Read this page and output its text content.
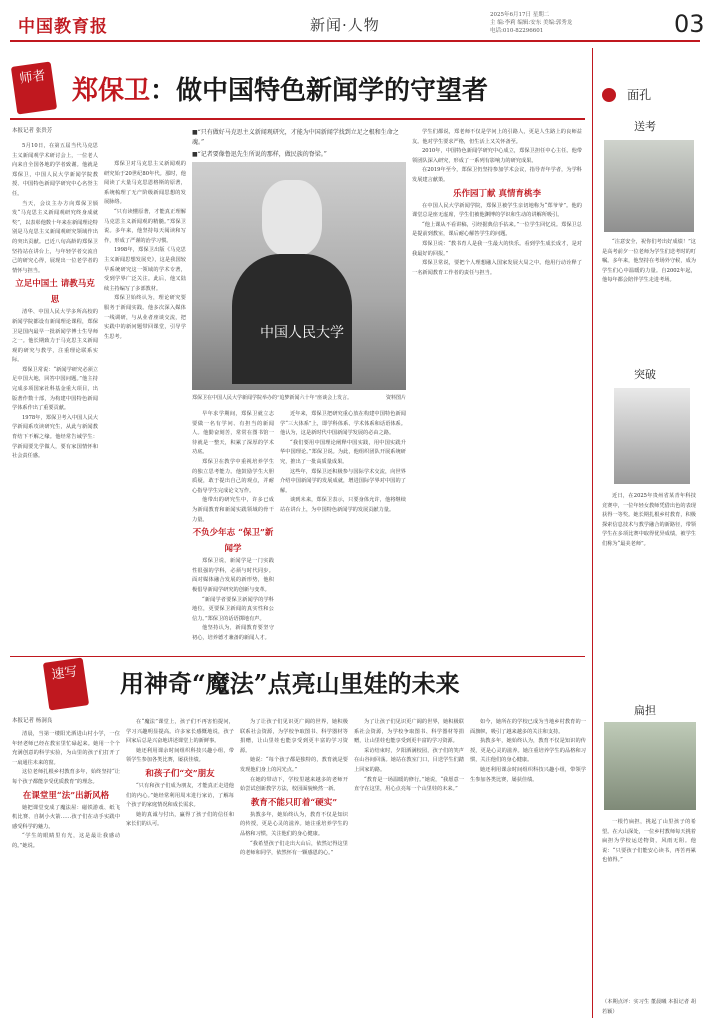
中国教育报	新闻·人物
2025年6月17日 星期二
主 编:李莉 编辑:安东 美编:郭秀龙
电话:010-82296601	03
师者 郑保卫：做中国特色新闻学的守望者
本报记者 张贵芳

5月10日，在第五届当代马克思主义新闻观学术研讨会上，一位老人向来自全国各地的学者致谢。他就是郑保卫，中国人民大学新闻学院教授、中国特色新闻学研究中心名誉主任。

当天，会议主办方向郑保卫颁发“马克思主义新闻观研究终身成就奖”，以表彰他数十年来在新闻理论特别是马克思主义新闻观研究领域作出的突出贡献。已近八旬高龄的郑保卫坚持站在讲台上，与年轻学者交流自己的研究心得，展现出一位老学者的情怀与担当。

立足中国土 请教马克思

清华、中国人民大学多所高校的新闻学院都设有新闻理论课程，郑保卫是国内最早一批新闻学博士生导师之一。他长期致力于马克思主义新闻观的研究与教学，注重理论联系实际。

郑保卫常说：“新闻学研究必须立足中国大地，回答中国问题。”他主持完成多项国家社科基金重大项目，出版著作数十部，为构建中国特色新闻学体系作出了重要贡献。

1978年，郑保卫考入中国人民大学新闻系攻读研究生，从此与新闻教育结下不解之缘。他经常告诫学生：学新闻要先学做人，要有家国情怀和社会责任感。

郑保卫对马克思主义新闻观的研究始于20世纪80年代。那时，他阅读了大量马克思恩格斯的原著，系统梳理了无产阶级新闻思想的发展脉络。

“只有读懂原著，才能真正理解马克思主义新闻观的精髓。”郑保卫说。多年来，他坚持每天阅读和写作，形成了严谨的治学习惯。

1998年，郑保卫出版《马克思主义新闻思想发展史》，这是我国较早系统研究这一领域的学术专著，受到学界广泛关注。此后，他又陆续主持编写了多部教材。

郑保卫始终认为，理论研究要服务于新闻实践。他多次深入媒体一线调研，与从业者座谈交流，把实践中的新问题带回课堂，引导学生思考。

■“只有做好马克思主义新闻观研究，才能为中国新闻学找到立足之根和生命之魂。”
■“记者要像鲁迅先生所说的那样，做民族的脊梁。”
中国人民大学
郑保卫在中国人民大学新闻学院举办的“追梦新闻六十年”座谈会上发言。	资料图片

早年求学期间，郑保卫就立志要做一名有学问、有担当的新闻人。他勤奋刻苦，常常在图书馆一待就是一整天，积累了深厚的学术功底。

郑保卫在教学中重视培养学生的独立思考能力。他鼓励学生大胆质疑，敢于提出自己的观点，并耐心指导学生完成论文写作。

他带出的研究生中，许多已成为新闻教育和新闻实践领域的骨干力量。

不负少年志 “保卫”新闻学

郑保卫说，新闻学是一门实践性很强的学科，必须与时代同步。面对媒体融合发展的新形势，他积极倡导新闻学研究的创新与变革。

“新闻学者要保卫新闻学的学科地位，更要保卫新闻的真实性和公信力。”郑保卫的话语掷地有声。

他坚持认为，新闻教育要坚守初心，培养德才兼备的新闻人才。

近年来，郑保卫把研究重心放在构建中国特色新闻学“三大体系”上，即学科体系、学术体系和话语体系。他认为，这是新时代中国新闻学发展的必由之路。

“我们要用中国理论阐释中国实践，用中国实践升华中国理论。”郑保卫说。为此，他组织团队开展系统研究，推出了一批高质量成果。

这些年，郑保卫还积极参与国际学术交流，向世界介绍中国新闻学的发展成就，增进国际学界对中国的了解。

谈到未来，郑保卫表示，只要身体允许，他将继续站在讲台上，为中国特色新闻学的发展贡献力量。

学生们都说，郑老师不仅是学问上的引路人，更是人生路上的良师益友。他对学生要求严格，但生活上又关怀备至。

2010年，中国特色新闻学研究中心成立，郑保卫担任中心主任。他带领团队深入研究，形成了一系列有影响力的研究成果。

在2019年至今，郑保卫仍坚持参加学术会议，指导青年学者，为学科发展建言献策。

乐作园丁献 真情育桃李

在中国人民大学新闻学院，郑保卫被学生亲切地称为“郑爷爷”。他的课堂总是座无虚席，学生们被他渊博的学识和生动的讲解所吸引。

“他上课从不看讲稿，引经据典信手拈来。”一位学生回忆说。郑保卫总是提前到教室，课后耐心解答学生的问题。

郑保卫说：“教书育人是我一生最大的快乐。看到学生成长成才，是对我最好的回报。”

郑保卫常说，要把个人理想融入国家发展大局之中。他用行动诠释了一名新闻教育工作者的责任与担当。

面孔
送考

“注意安全，祝你们考出好成绩！”这是高考前夕一位老师为学生们送考时的叮嘱。多年来，他坚持在考场外守候，成为学生们心中温暖的力量。自2002年起，他每年都会陪伴学生走进考场。

突破

近日，在2025年贵州省某青年科技竞赛中，一位年轻女教师凭借出色的表现获得一等奖。她长期扎根乡村教育，积极探索信息技术与教学融合的新路径，带领学生在多项比赛中取得优异成绩，被学生们称为“最美老师”。

扁担

一根竹扁担，挑起了山里孩子的希望。在大山深处，一位乡村教师每天挑着扁担为学校运送物资，风雨无阻。他说：“只要孩子们能安心读书，再苦再累也值得。”

（本期点评：实习生 董晨曦 本报记者 胡若颖）

速写	用神奇“魔法”点亮山里娃的未来
本报记者 杨洞良

清晨，当第一缕阳光洒进山村小学，一位年轻老师已经在教室里忙碌起来。她用一个个充满创意的科学实验，为山里的孩子们打开了一扇通往未来的窗。

这位老师扎根乡村教育多年，始终坚持“让每个孩子都能享受优质教育”的理念。

在课堂里“法”出新风格

她把课堂变成了魔法屋：磁铁游戏、纸飞机比赛、自制小火箭……孩子们在动手实践中感受科学的魅力。

“学生的眼睛里有光，这是最让我感动的。”她说。

在“魔法”课堂上，孩子们不再害怕提问，学习兴趣明显提高。许多家长感慨地说，孩子回家后总是兴奋地讲述课堂上的新鲜事。

她还利用课余时间组织科技兴趣小组，带领学生参加各类比赛，屡获佳绩。

和孩子们“交”朋友

“只有和孩子们成为朋友，才能真正走进他们的内心。”她经常利用周末进行家访，了解每个孩子的家庭情况和成长需求。

她的真诚与付出，赢得了孩子们的信任和家长们的认可。

为了让孩子们见识更广阔的世界，她积极联系社会资源，为学校争取图书、科学器材等捐赠，让山里娃也能享受到更丰富的学习资源。

她说：“每个孩子都是独特的，教育就是要发现他们身上的闪光点。”

在她的带动下，学校里越来越多的老师开始尝试创新教学方法，校园面貌焕然一新。

教育不能只盯着“硬实”

执教多年，她始终认为，教育不仅是知识的传授，更是心灵的滋养。她注重培养学生的品格和习惯，关注他们的身心健康。

“我希望孩子们走出大山后，依然记得这里的老师和同学，依然怀有一颗感恩的心。”

为了让孩子们见识更广阔的世界，她积极联系社会资源，为学校争取图书、科学器材等捐赠，让山里娃也能享受到更丰富的学习资源。

采访结束时，夕阳洒满校园，孩子们的笑声在山谷间回荡。她站在教室门口，目送学生们踏上回家的路。

“教育是一场温暖的修行。”她说，“我愿意一直守在这里，用心点亮每一个山里娃的未来。”

如今，她所在的学校已成为当地乡村教育的一面旗帜，吸引了越来越多的关注和支持。

执教多年，她始终认为，教育不仅是知识的传授，更是心灵的滋养。她注重培养学生的品格和习惯，关注他们的身心健康。

她还利用课余时间组织科技兴趣小组，带领学生参加各类比赛，屡获佳绩。
